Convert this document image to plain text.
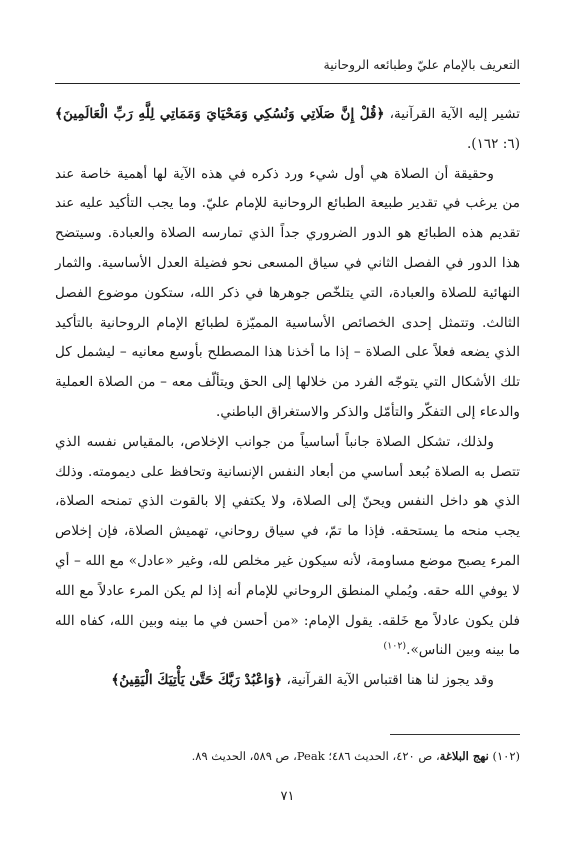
التعريف بالإمام عليّ وطبائعه الروحانية

تشير إليه الآية القرآنية، ﴿قُلْ إِنَّ صَلَاتِي وَنُسُكِي وَمَحْيَايَ وَمَمَاتِي لِلَّهِ رَبِّ الْعَالَمِينَ﴾ (٦: ١٦٢).

وحقيقة أن الصلاة هي أول شيء ورد ذكره في هذه الآية لها أهمية خاصة عند من يرغب في تقدير طبيعة الطبائع الروحانية للإمام عليّ. وما يجب التأكيد عليه عند تقديم هذه الطبائع هو الدور الضروري جداً الذي تمارسه الصلاة والعبادة. وسيتضح هذا الدور في الفصل الثاني في سياق المسعى نحو فضيلة العدل الأساسية. والثمار النهائية للصلاة والعبادة، التي يتلخّص جوهرها في ذكر الله، ستكون موضوع الفصل الثالث. وتتمثل إحدى الخصائص الأساسية المميّزة لطبائع الإمام الروحانية بالتأكيد الذي يضعه فعلاً على الصلاة – إذا ما أخذنا هذا المصطلح بأوسع معانيه – ليشمل كل تلك الأشكال التي يتوجّه الفرد من خلالها إلى الحق ويتألّف معه – من الصلاة العملية والدعاء إلى التفكّر والتأمّل والذكر والاستغراق الباطني.

ولذلك، تشكل الصلاة جانباً أساسياً من جوانب الإخلاص، بالمقياس نفسه الذي تتصل به الصلاة بُبعد أساسي من أبعاد النفس الإنسانية وتحافظ على ديمومته. وذلك الذي هو داخل النفس ويحنّ إلى الصلاة، ولا يكتفي إلا بالقوت الذي تمنحه الصلاة، يجب منحه ما يستحقه. فإذا ما تمّ، في سياق روحاني، تهميش الصلاة، فإن إخلاص المرء يصبح موضع مساومة، لأنه سيكون غير مخلص لله، وغير «عادل» مع الله – أي لا يوفي الله حقه. ويُملي المنطق الروحاني للإمام أنه إذا لم يكن المرء عادلاً مع الله فلن يكون عادلاً مع خَلقه. يقول الإمام: «من أحسن في ما بينه وبين الله، كفاه الله ما بينه وبين الناس».$^{(١٠٢)}$

وقد يجوز لنا هنا اقتباس الآية القرآنية، ﴿وَاعْبُدْ رَبَّكَ حَتَّىٰ يَأْتِيَكَ الْيَقِينُ﴾

(١٠٢) نهج البلاغة، ص ٤٢٠، الحديث ٤٨٦؛ Peak، ص ٥٨٩، الحديث ٨٩.
٧١
